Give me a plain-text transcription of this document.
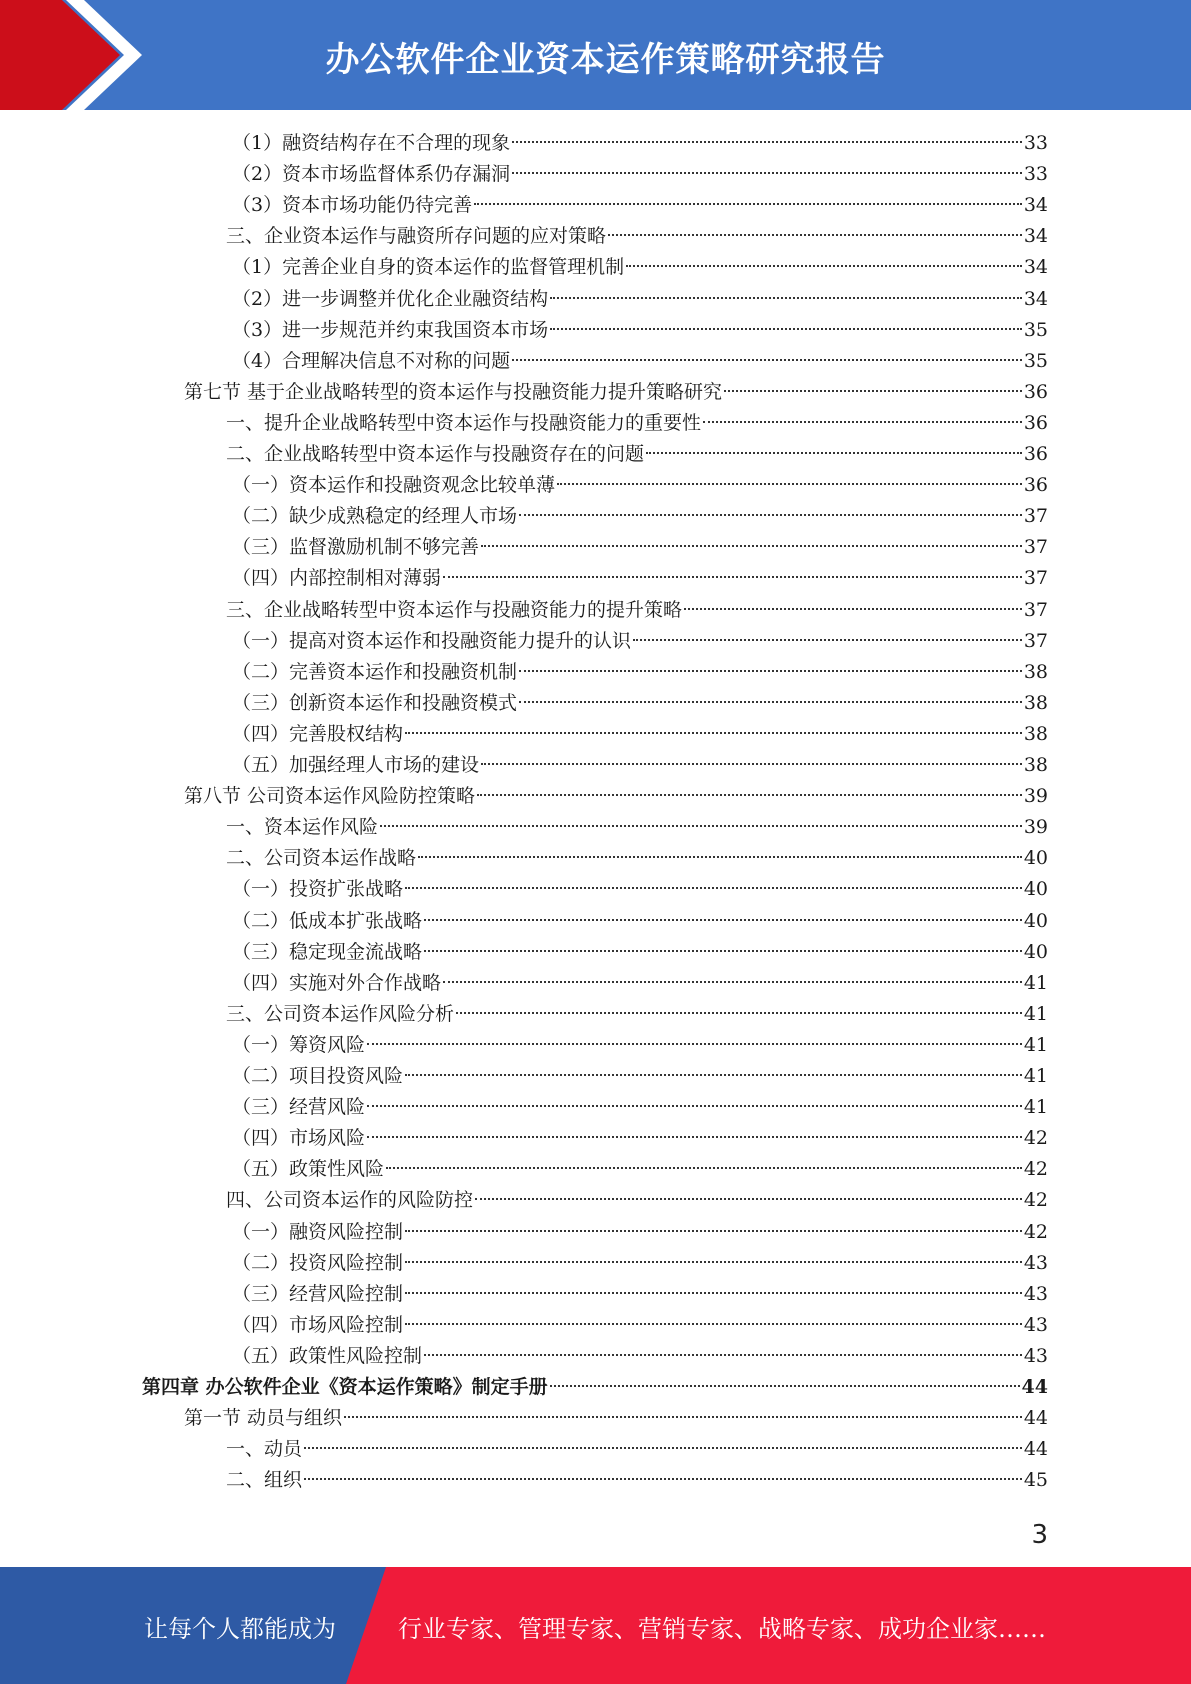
办公软件企业资本运作策略研究报告
（1）融资结构存在不合理的现象	33
（2）资本市场监督体系仍存漏洞	33
（3）资本市场功能仍待完善	34
三、企业资本运作与融资所存问题的应对策略	34
（1）完善企业自身的资本运作的监督管理机制	34
（2）进一步调整并优化企业融资结构	34
（3）进一步规范并约束我国资本市场	35
（4）合理解决信息不对称的问题	35
第七节 基于企业战略转型的资本运作与投融资能力提升策略研究	36
一、提升企业战略转型中资本运作与投融资能力的重要性	36
二、企业战略转型中资本运作与投融资存在的问题	36
（一）资本运作和投融资观念比较单薄	36
（二）缺少成熟稳定的经理人市场	37
（三）监督激励机制不够完善	37
（四）内部控制相对薄弱	37
三、企业战略转型中资本运作与投融资能力的提升策略	37
（一）提高对资本运作和投融资能力提升的认识	37
（二）完善资本运作和投融资机制	38
（三）创新资本运作和投融资模式	38
（四）完善股权结构	38
（五）加强经理人市场的建设	38
第八节 公司资本运作风险防控策略	39
一、资本运作风险	39
二、公司资本运作战略	40
（一）投资扩张战略	40
（二）低成本扩张战略	40
（三）稳定现金流战略	40
（四）实施对外合作战略	41
三、公司资本运作风险分析	41
（一）筹资风险	41
（二）项目投资风险	41
（三）经营风险	41
（四）市场风险	42
（五）政策性风险	42
四、公司资本运作的风险防控	42
（一）融资风险控制	42
（二）投资风险控制	43
（三）经营风险控制	43
（四）市场风险控制	43
（五）政策性风险控制	43
第四章 办公软件企业《资本运作策略》制定手册	44
第一节 动员与组织	44
一、动员	44
二、组织	45
3
让每个人都能成为	行业专家、管理专家、营销专家、战略专家、成功企业家……
